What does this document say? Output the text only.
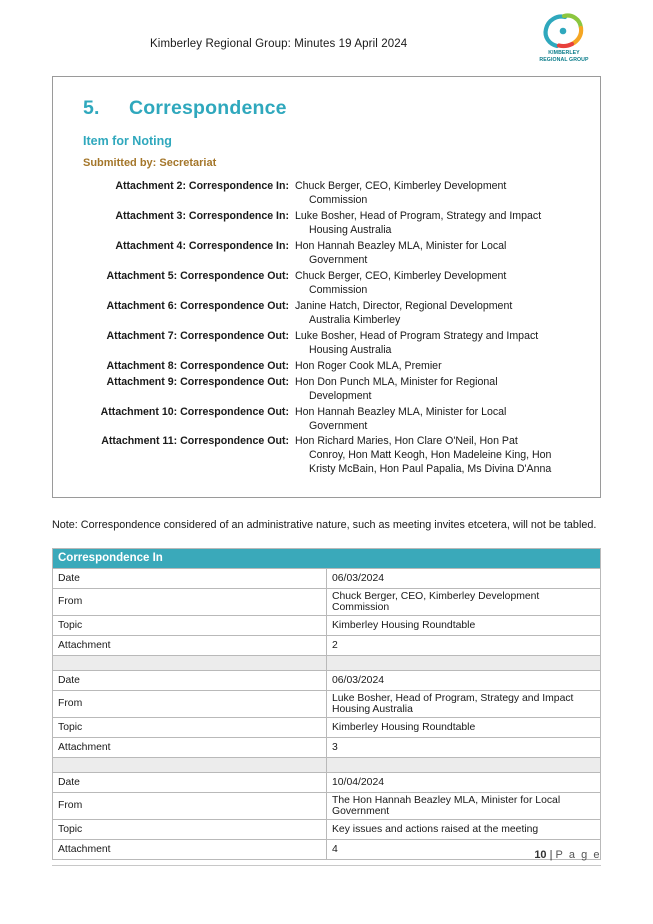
Kimberley Regional Group: Minutes 19 April 2024
KIMBERLEY
REGIONAL GROUP
5. Correspondence
Item for Noting
Submitted by: Secretariat
Attachment 2: Correspondence In: Chuck Berger, CEO, Kimberley Development
Commission
Attachment 3: Correspondence In: Luke Bosher, Head of Program, Strategy and Impact
Housing Australia
Attachment 4: Correspondence In: Hon Hannah Beazley MLA, Minister for Local
Government
Attachment 5: Correspondence Out: Chuck Berger, CEO, Kimberley Development
Commission
Attachment 6: Correspondence Out: Janine Hatch, Director, Regional Development
Australia Kimberley
Attachment 7: Correspondence Out: Luke Bosher, Head of Program Strategy and Impact
Housing Australia
Attachment 8: Correspondence Out: Hon Roger Cook MLA, Premier
Attachment 9: Correspondence Out: Hon Don Punch MLA, Minister for Regional
Development
Attachment 10: Correspondence Out: Hon Hannah Beazley MLA, Minister for Local
Government
Attachment 11: Correspondence Out: Hon Richard Maries, Hon Clare O'Neil, Hon Pat
Conroy, Hon Matt Keogh, Hon Madeleine King, Hon
Kristy McBain, Hon Paul Papalia, Ms Divina D'Anna
Note: Correspondence considered of an administrative nature, such as meeting invites etcetera, will not be tabled.
Correspondence In	
Date	06/03/2024
From	Chuck Berger, CEO, Kimberley Development Commission
Topic	Kimberley Housing Roundtable
Attachment	2

Date	06/03/2024
From	Luke Bosher, Head of Program, Strategy and Impact Housing Australia
Topic	Kimberley Housing Roundtable
Attachment	3

Date	10/04/2024
From	The Hon Hannah Beazley MLA, Minister for Local Government
Topic	Key issues and actions raised at the meeting
Attachment	4	10 | P a g e
